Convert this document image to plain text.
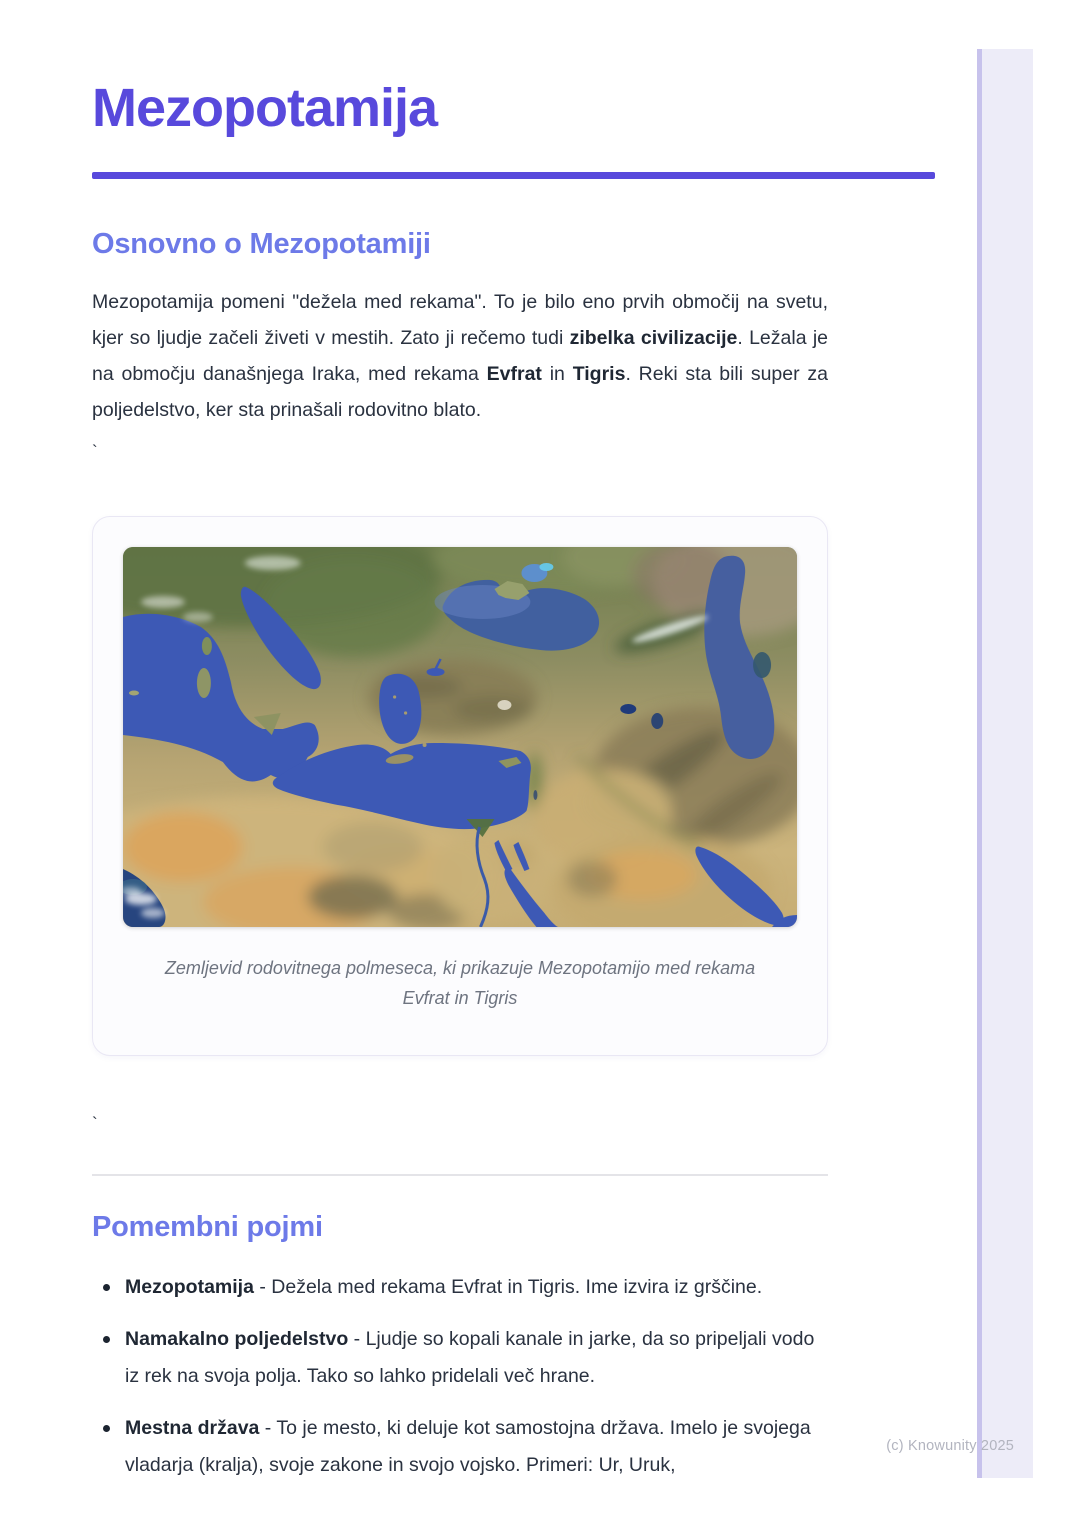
(c) Knowunity 2025
Mezopotamija
Osnovno o Mezopotamiji

Mezopotamija pomeni "dežela med rekama". To je bilo eno prvih območij na svetu, kjer so ljudje začeli živeti v mestih. Zato ji rečemo tudi zibelka civilizacije. Ležala je na območju današnjega Iraka, med rekama Evfrat in Tigris. Reki sta bili super za poljedelstvo, ker sta prinašali rodovitno blato.

`
Zemljevid rodovitnega polmeseca, ki prikazuje Mezopotamijo med rekama Evfrat in Tigris
`
Pomembni pojmi
Mezopotamija - Dežela med rekama Evfrat in Tigris. Ime izvira iz grščine.
Namakalno poljedelstvo - Ljudje so kopali kanale in jarke, da so pripeljali vodo iz rek na svoja polja. Tako so lahko pridelali več hrane.
Mestna država - To je mesto, ki deluje kot samostojna država. Imelo je svojega vladarja (kralja), svoje zakone in svojo vojsko. Primeri: Ur, Uruk,
